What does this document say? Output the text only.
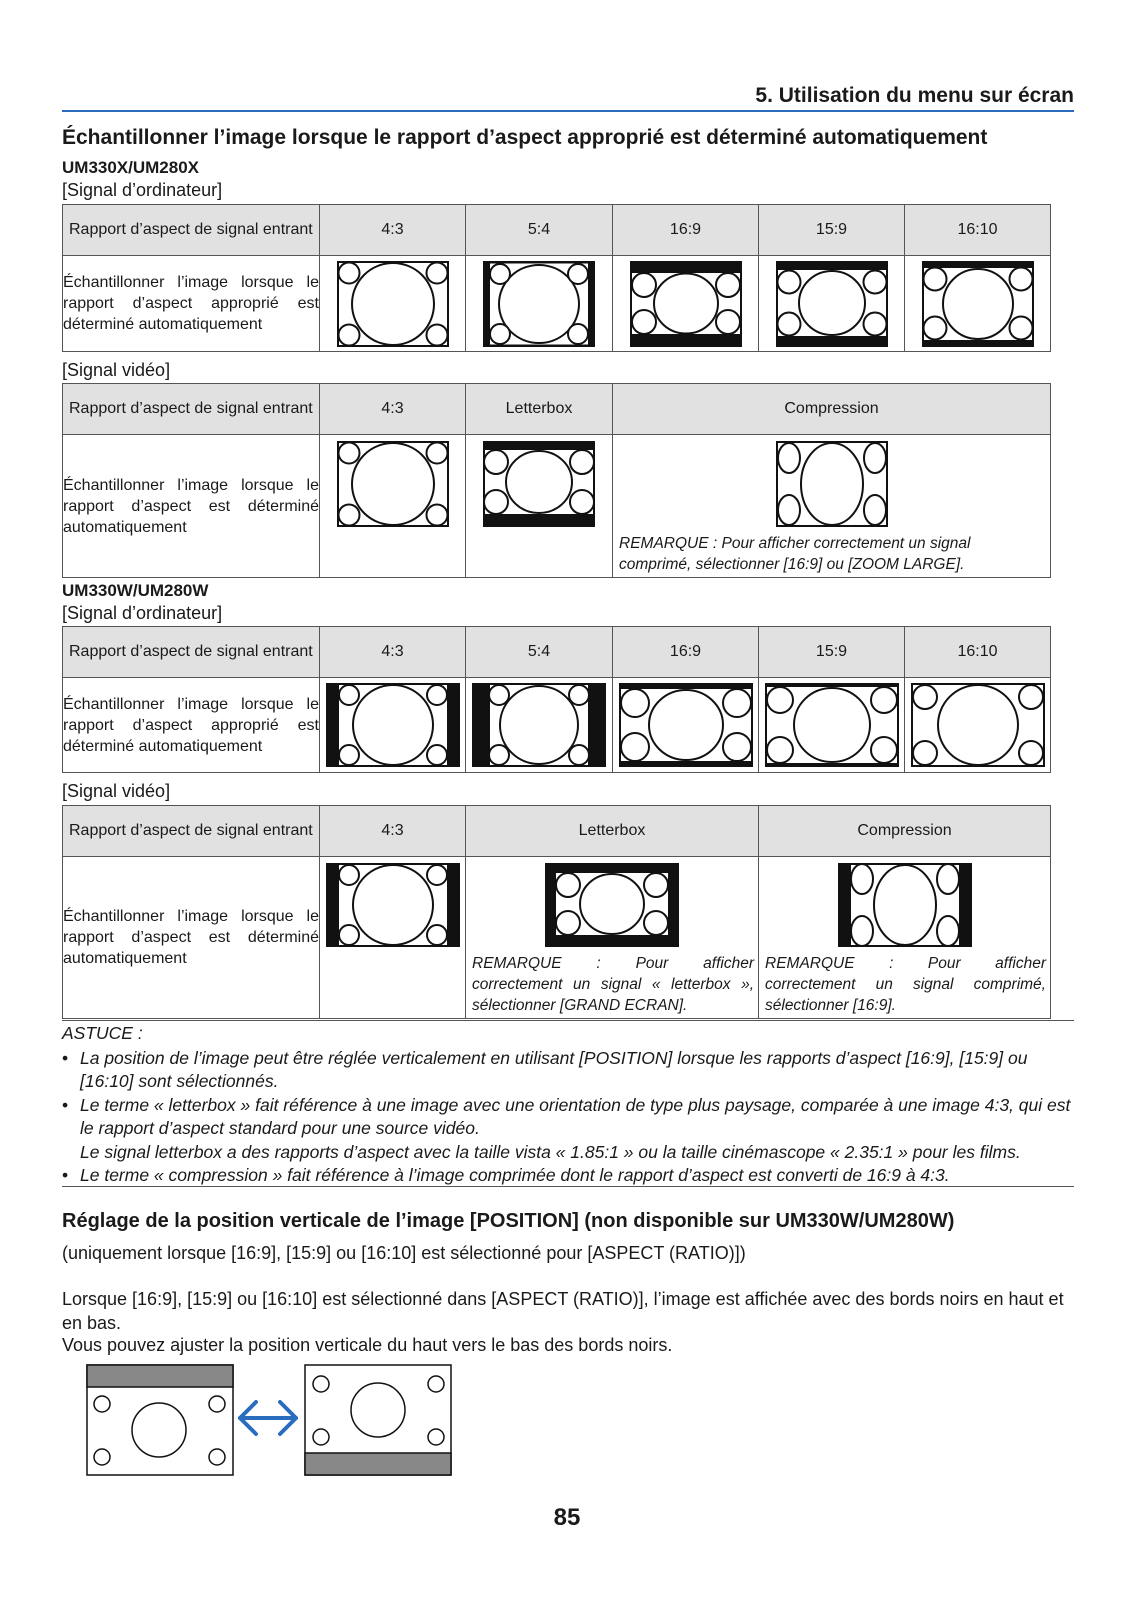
5. Utilisation du menu sur écran
Échantillonner l’image lorsque le rapport d’aspect approprié est déterminé automatiquement
UM330X/UM280X
[Signal d’ordinateur]
Rapport d’aspect de signal entrant	4:3	5:4	16:9	15:9	16:10
Échantillonner l’image lorsque le rapport d’aspect approprié est déterminé automatiquement	

[Signal vidéo]
Rapport d’aspect de signal entrant	4:3	Letterbox	Compression
Échantillonner l’image lorsque le rapport d’aspect est déterminé automatiquement			REMARQUE : Pour afficher correctement un signal comprimé, sélectionner [16:9] ou [ZOOM LARGE].
UM330W/UM280W
[Signal d’ordinateur]
Rapport d’aspect de signal entrant	4:3	5:4	16:9	15:9	16:10
Échantillonner l’image lorsque le rapport d’aspect approprié est déterminé automatiquement	

[Signal vidéo]
Rapport d’aspect de signal entrant	4:3	Letterbox	Compression
Échantillonner l’image lorsque le rapport d’aspect est déterminé automatiquement		REMARQUE : Pour afficher correctement un signal « letterbox », sélectionner [GRAND ECRAN].	REMARQUE : Pour afficher correctement un signal comprimé, sélectionner [16:9].
ASTUCE :
• La position de l’image peut être réglée verticalement en utilisant [POSITION] lorsque les rapports d’aspect [16:9], [15:9] ou [16:10] sont sélectionnés.
• Le terme « letterbox » fait référence à une image avec une orientation de type plus paysage, comparée à une image 4:3, qui est le rapport d’aspect standard pour une source vidéo.
Le signal letterbox a des rapports d’aspect avec la taille vista « 1.85:1 » ou la taille cinémascope « 2.35:1 » pour les films.
• Le terme « compression » fait référence à l’image comprimée dont le rapport d’aspect est converti de 16:9 à 4:3.
Réglage de la position verticale de l’image [POSITION] (non disponible sur UM330W/UM280W)
(uniquement lorsque [16:9], [15:9] ou [16:10] est sélectionné pour [ASPECT (RATIO)])
Lorsque [16:9], [15:9] ou [16:10] est sélectionné dans [ASPECT (RATIO)], l’image est affichée avec des bords noirs en haut et en bas.
Vous pouvez ajuster la position verticale du haut vers le bas des bords noirs.
85
